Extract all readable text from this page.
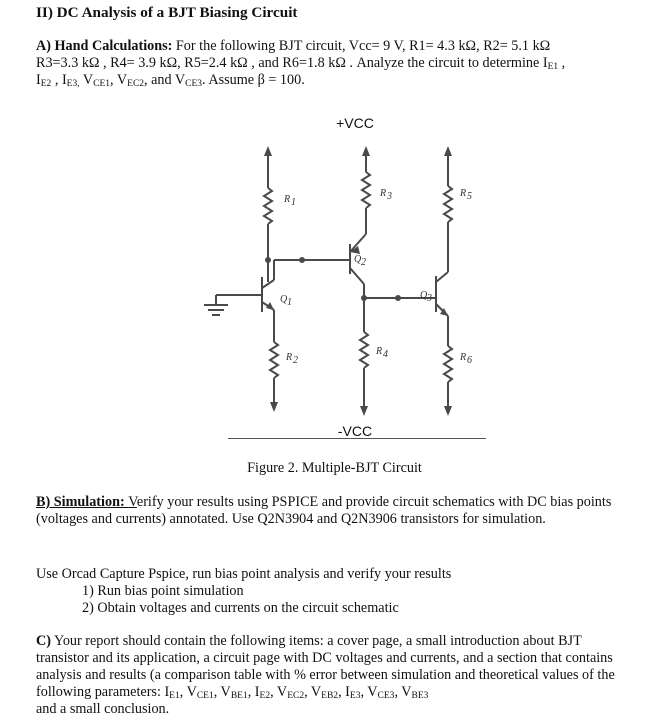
II) DC Analysis of a BJT Biasing Circuit
A) Hand Calculations: For the following BJT circuit, Vcc= 9 V, R1= 4.3 kΩ, R2= 5.1 kΩ
R3=3.3 kΩ , R4= 3.9 kΩ, R5=2.4 kΩ , and R6=1.8 kΩ . Analyze the circuit to determine $I_{E1}$ ,
$I_{E2}$ , $I_{E3,}$ $V_{CE1}$, $V_{EC2}$, and $V_{CE3}$. Assume β = 100.
+VCC
-VCC
R 1
R 2
R 3
R 4
R 5
R 6
Q 1
Q 2
Q 3
Figure 2. Multiple-BJT Circuit
B) Simulation: Verify your results using PSPICE and provide circuit schematics with DC bias points (voltages and currents) annotated. Use Q2N3904 and Q2N3906 transistors for simulation.
Use Orcad Capture Pspice, run bias point analysis and verify your results
1) Run bias point simulation
2) Obtain voltages and currents on the circuit schematic
C) Your report should contain the following items: a cover page, a small introduction about BJT transistor and its application, a circuit page with DC voltages and currents, and a section that contains analysis and results (a comparison table with % error between simulation and theoretical values of the following parameters: $I_{E1}$, $V_{CE1}$, $V_{BE1}$, $I_{E2}$, $V_{EC2}$, $V_{EB2}$, $I_{E3}$, $V_{CE3}$, $V_{BE3}$
and a small conclusion.
